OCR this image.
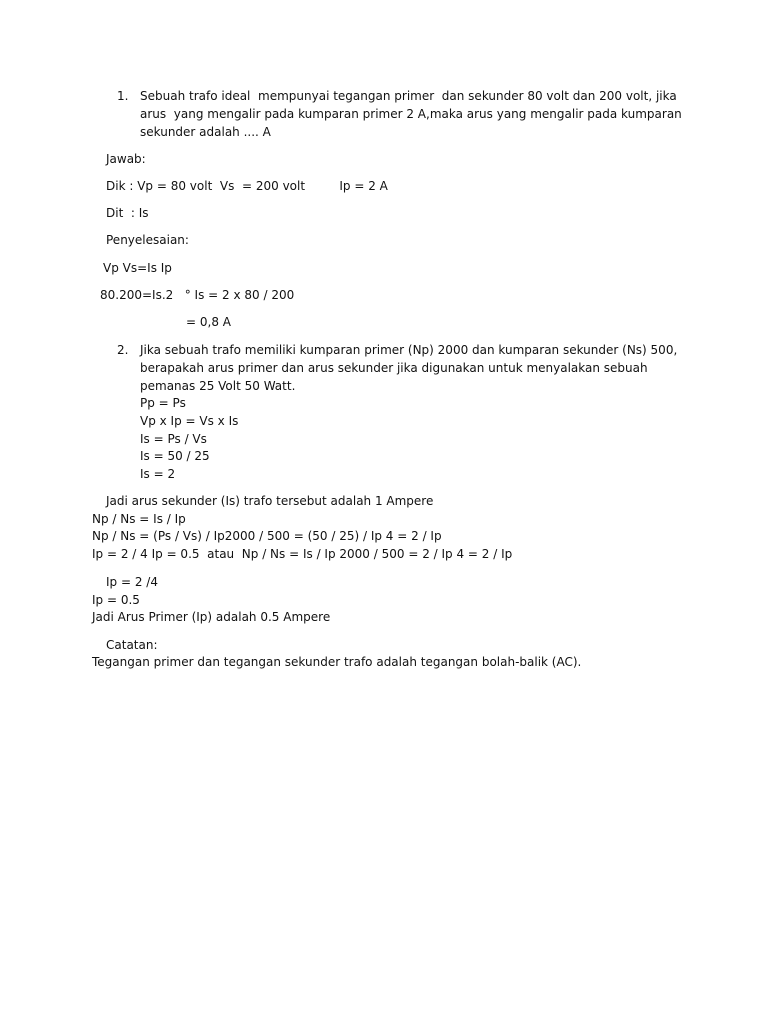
1. Sebuah trafo ideal  mempunyai tegangan primer  dan sekunder 80 volt dan 200 volt, jika
arus  yang mengalir pada kumparan primer 2 A,maka arus yang mengalir pada kumparan
sekunder adalah .... A
Jawab:
Dik : Vp = 80 volt  Vs  = 200 volt         Ip = 2 A
Dit  : Is
Penyelesaian:
Vp Vs=Is Ip
80.200=Is.2   ° Is = 2 x 80 / 200
= 0,8 A
2. Jika sebuah trafo memiliki kumparan primer (Np) 2000 dan kumparan sekunder (Ns) 500,
berapakah arus primer dan arus sekunder jika digunakan untuk menyalakan sebuah
pemanas 25 Volt 50 Watt.
Pp = Ps
Vp x Ip = Vs x Is
Is = Ps / Vs
Is = 50 / 25
Is = 2
Jadi arus sekunder (Is) trafo tersebut adalah 1 Ampere
Np / Ns = Is / Ip
Np / Ns = (Ps / Vs) / Ip2000 / 500 = (50 / 25) / Ip 4 = 2 / Ip
Ip = 2 / 4 Ip = 0.5  atau  Np / Ns = Is / Ip 2000 / 500 = 2 / Ip 4 = 2 / Ip
Ip = 2 /4
Ip = 0.5
Jadi Arus Primer (Ip) adalah 0.5 Ampere
Catatan:
Tegangan primer dan tegangan sekunder trafo adalah tegangan bolah-balik (AC).
